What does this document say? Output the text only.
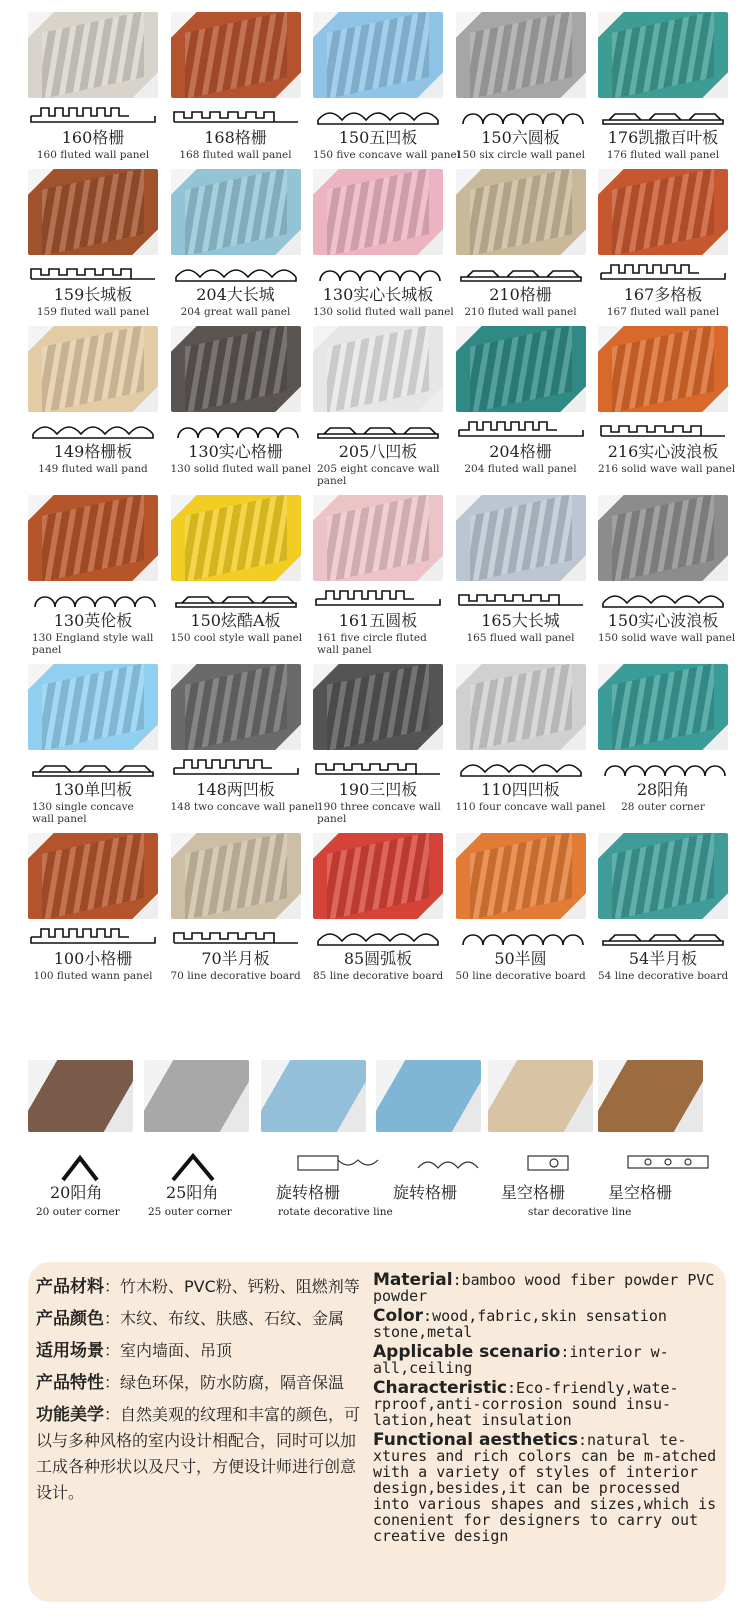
160格栅
160 fluted wall panel
168格栅
168 fluted wall panel
150五凹板
150 five concave wall panel
150六圆板
150 six circle wall panel
176凯撒百叶板
176 fluted wall panel
159长城板
159 fluted wall panel
204大长城
204 great wall panel
130实心长城板
130 solid fluted wall panel
210格栅
210 fluted wall panel
167多格板
167 fluted wall panel
149格栅板
149 fluted wall pand
130实心格栅
130 solid fluted wall panel
205八凹板
205 eight concave wall panel
204格栅
204 fluted wall panel
216实心波浪板
216 solid wave wall panel
130英伦板
130 England style wall panel
150炫酷A板
150 cool style wall panel
161五圆板
161 five circle fluted wall panel
165大长城
165 flued wall panel
150实心波浪板
150 solid wave wall panel
130单凹板
130 single concave wall panel
148两凹板
148 two concave wall panel
190三凹板
190 three concave wall panel
110四凹板
110 four concave wall panel
28阳角
28 outer corner
100小格栅
100 fluted wann panel
70半月板
70 line decorative board
85圆弧板
85 line decorative board
50半圆
50 line decorative board
54半月板
54 line decorative board
20阳角	25阳角	旋转格栅	旋转格栅	星空格栅	星空格栅
20 outer corner	25 outer corner	rotate decorative line	star decorative line
产品材料：竹木粉、PVC粉、钙粉、阻燃剂等
产品颜色：木纹、布纹、肤感、石纹、金属
适用场景：室内墙面、吊顶
产品特性：绿色环保，防水防腐，隔音保温
功能美学：自然美观的纹理和丰富的颜色，可以与多种风格的室内设计相配合，同时可以加工成各种形状以及尺寸，方便设计师进行创意设计。
Material:bamboo wood fiber powder PVC powder
Color:wood,fabric,skin sensation stone,metal
Applicable scenario:interior w-all,ceiling
Characteristic:Eco-friendly,wate-rproof,anti-corrosion sound insu-lation,heat insulation
Functional aesthetics:natural te-xtures and rich colors can be m-atched with a variety of styles of interior design,besides,it can be processed into various shapes and sizes,which is conenient for designers to carry out creative design
